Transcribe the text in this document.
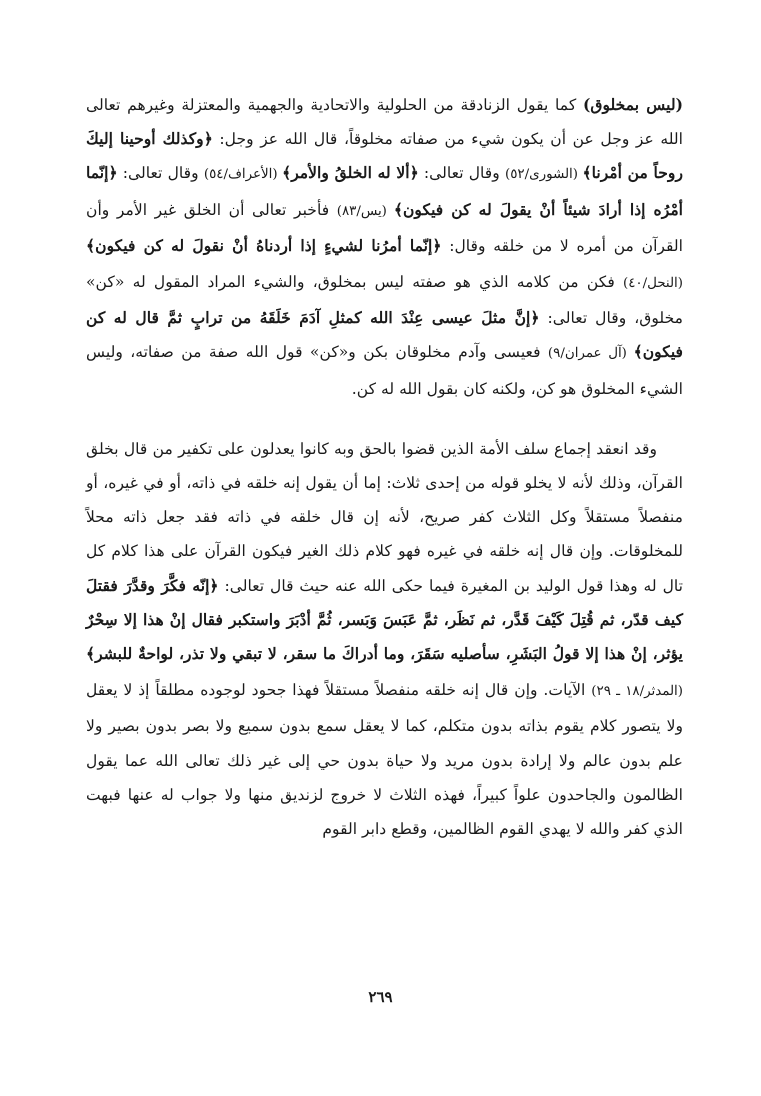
(ليس بمخلوق) كما يقول الزنادقة من الحلولية والاتحادية والجهمية والمعتزلة وغيرهم تعالى الله عز وجل عن أن يكون شيء من صفاته مخلوقاً، قال الله عز وجل: ﴿وكذلك أوحينا إليكَ روحاً من أمْرنا﴾ (الشورى/٥٢) وقال تعالى: ﴿ألا له الخلقُ والأمر﴾ (الأعراف/٥٤) وقال تعالى: ﴿إنّما أمْرُه إذا أرادَ شيئاً أنْ يقولَ له كن فيكون﴾ (يس/٨٣) فأخبر تعالى أن الخلق غير الأمر وأن القرآن من أمره لا من خلقه وقال: ﴿إنّما أمرُنا لشيءٍ إذا أردناهُ أنْ نقولَ له كن فيكون﴾ (النحل/٤٠) فكن من كلامه الذي هو صفته ليس بمخلوق، والشيء المراد المقول له «كن» مخلوق، وقال تعالى: ﴿إنَّ مثلَ عيسى عِنْدَ الله كمثلِ آدَمَ خَلَقَهُ من ترابٍ ثمَّ قال له كن فيكون﴾ (آل عمران/٩) فعيسى وآدم مخلوقان بكن و«كن» قول الله صفة من صفاته، وليس الشيء المخلوق هو كن، ولكنه كان بقول الله له كن.

وقد انعقد إجماع سلف الأمة الذين قضوا بالحق وبه كانوا يعدلون على تكفير من قال بخلق القرآن، وذلك لأنه لا يخلو قوله من إحدى ثلاث: إما أن يقول إنه خلقه في ذاته، أو في غيره، أو منفصلاً مستقلاً وكل الثلاث كفر صريح، لأنه إن قال خلقه في ذاته فقد جعل ذاته محلاً للمخلوقات. وإن قال إنه خلقه في غيره فهو كلام ذلك الغير فيكون القرآن على هذا كلام كل تال له وهذا قول الوليد بن المغيرة فيما حكى الله عنه حيث قال تعالى: ﴿إنّه فكَّرَ وقدَّرَ فقتلَ كيف قدّر، ثم قُتِلَ كَيْفَ قَدَّر، ثم نَظَر، ثمَّ عَبَسَ وَبَسر، ثُمَّ أدْبَرَ واستكبر فقال إنْ هذا إلا سِحْرٌ يؤثر، إنْ هذا إلا قولُ البَشَرِ، سأصليه سَقَرَ، وما أدراكَ ما سقر، لا تبقي ولا تذر، لواحةٌ للبشر﴾ (المدثر/١٨ ـ ٢٩) الآيات. وإن قال إنه خلقه منفصلاً مستقلاً فهذا جحود لوجوده مطلقاً إذ لا يعقل ولا يتصور كلام يقوم بذاته بدون متكلم، كما لا يعقل سمع بدون سميع ولا بصر بدون بصير ولا علم بدون عالم ولا إرادة بدون مريد ولا حياة بدون حي إلى غير ذلك تعالى الله عما يقول الظالمون والجاحدون علواً كبيراً، فهذه الثلاث لا خروج لزنديق منها ولا جواب له عنها فبهت الذي كفر والله لا يهدي القوم الظالمين، وقطع دابر القوم

٢٦٩
